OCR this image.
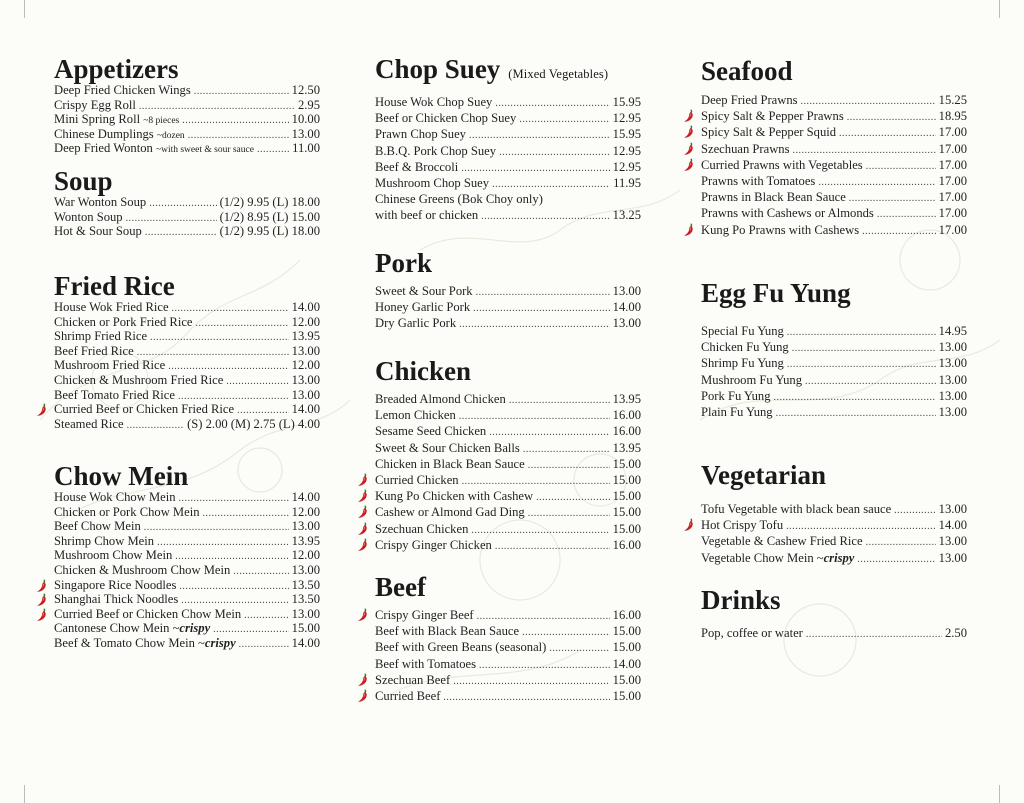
Appetizers
Deep Fried Chicken Wings .....	12.50
Crispy Egg Roll .....	2.95
Mini Spring Roll ~8 pieces .....	10.00
Chinese Dumplings ~dozen .....	13.00
Deep Fried Wonton ~with sweet & sour sauce .....	11.00
Soup
War Wonton Soup .....	(1/2) 9.95 (L) 18.00
Wonton Soup .....	(1/2) 8.95 (L) 15.00
Hot & Sour Soup .....	(1/2) 9.95 (L) 18.00
Fried Rice
House Wok Fried Rice .....	14.00
Chicken or Pork Fried Rice .....	12.00
Shrimp Fried Rice .....	13.95
Beef Fried Rice .....	13.00
Mushroom Fried Rice .....	12.00
Chicken & Mushroom Fried Rice .....	13.00
Beef Tomato Fried Rice .....	13.00
Curried Beef or Chicken Fried Rice .....	14.00
Steamed Rice .....	(S) 2.00 (M) 2.75 (L) 4.00
Chow Mein
House Wok Chow Mein .....	14.00
Chicken or Pork Chow Mein .....	12.00
Beef Chow Mein .....	13.00
Shrimp Chow Mein .....	13.95
Mushroom Chow Mein .....	12.00
Chicken & Mushroom Chow Mein .....	13.00
Singapore Rice Noodles .....	13.50
Shanghai Thick Noodles .....	13.50
Curried Beef or Chicken Chow Mein .....	13.00
Cantonese Chow Mein ~crispy .....	15.00
Beef & Tomato Chow Mein ~crispy .....	14.00
Chop Suey (Mixed Vegetables)
House Wok Chop Suey .....	15.95
Beef or Chicken Chop Suey .....	12.95
Prawn Chop Suey .....	15.95
B.B.Q. Pork Chop Suey .....	12.95
Beef & Broccoli .....	12.95
Mushroom Chop Suey .....	11.95
Chinese Greens (Bok Choy only)
with beef or chicken .....	13.25
Pork
Sweet & Sour Pork .....	13.00
Honey Garlic Pork .....	14.00
Dry Garlic Pork .....	13.00
Chicken
Breaded Almond Chicken .....	13.95
Lemon Chicken .....	16.00
Sesame Seed Chicken .....	16.00
Sweet & Sour Chicken Balls .....	13.95
Chicken in Black Bean Sauce .....	15.00
Curried Chicken .....	15.00
Kung Po Chicken with Cashew .....	15.00
Cashew or Almond Gad Ding .....	15.00
Szechuan Chicken .....	15.00
Crispy Ginger Chicken .....	16.00
Beef
Crispy Ginger Beef .....	16.00
Beef with Black Bean Sauce .....	15.00
Beef with Green Beans (seasonal) .....	15.00
Beef with Tomatoes .....	14.00
Szechuan Beef .....	15.00
Curried Beef .....	15.00
Seafood
Deep Fried Prawns .....	15.25
Spicy Salt & Pepper Prawns .....	18.95
Spicy Salt & Pepper Squid .....	17.00
Szechuan Prawns .....	17.00
Curried Prawns with Vegetables .....	17.00
Prawns with Tomatoes .....	17.00
Prawns in Black Bean Sauce .....	17.00
Prawns with Cashews or Almonds .....	17.00
Kung Po Prawns with Cashews .....	17.00
Egg Fu Yung
Special Fu Yung .....	14.95
Chicken Fu Yung .....	13.00
Shrimp Fu Yung .....	13.00
Mushroom Fu Yung .....	13.00
Pork Fu Yung .....	13.00
Plain Fu Yung .....	13.00
Vegetarian
Tofu Vegetable with black bean sauce .....	13.00
Hot Crispy Tofu .....	14.00
Vegetable & Cashew Fried Rice .....	13.00
Vegetable Chow Mein ~crispy .....	13.00
Drinks
Pop, coffee or water .....	2.50
